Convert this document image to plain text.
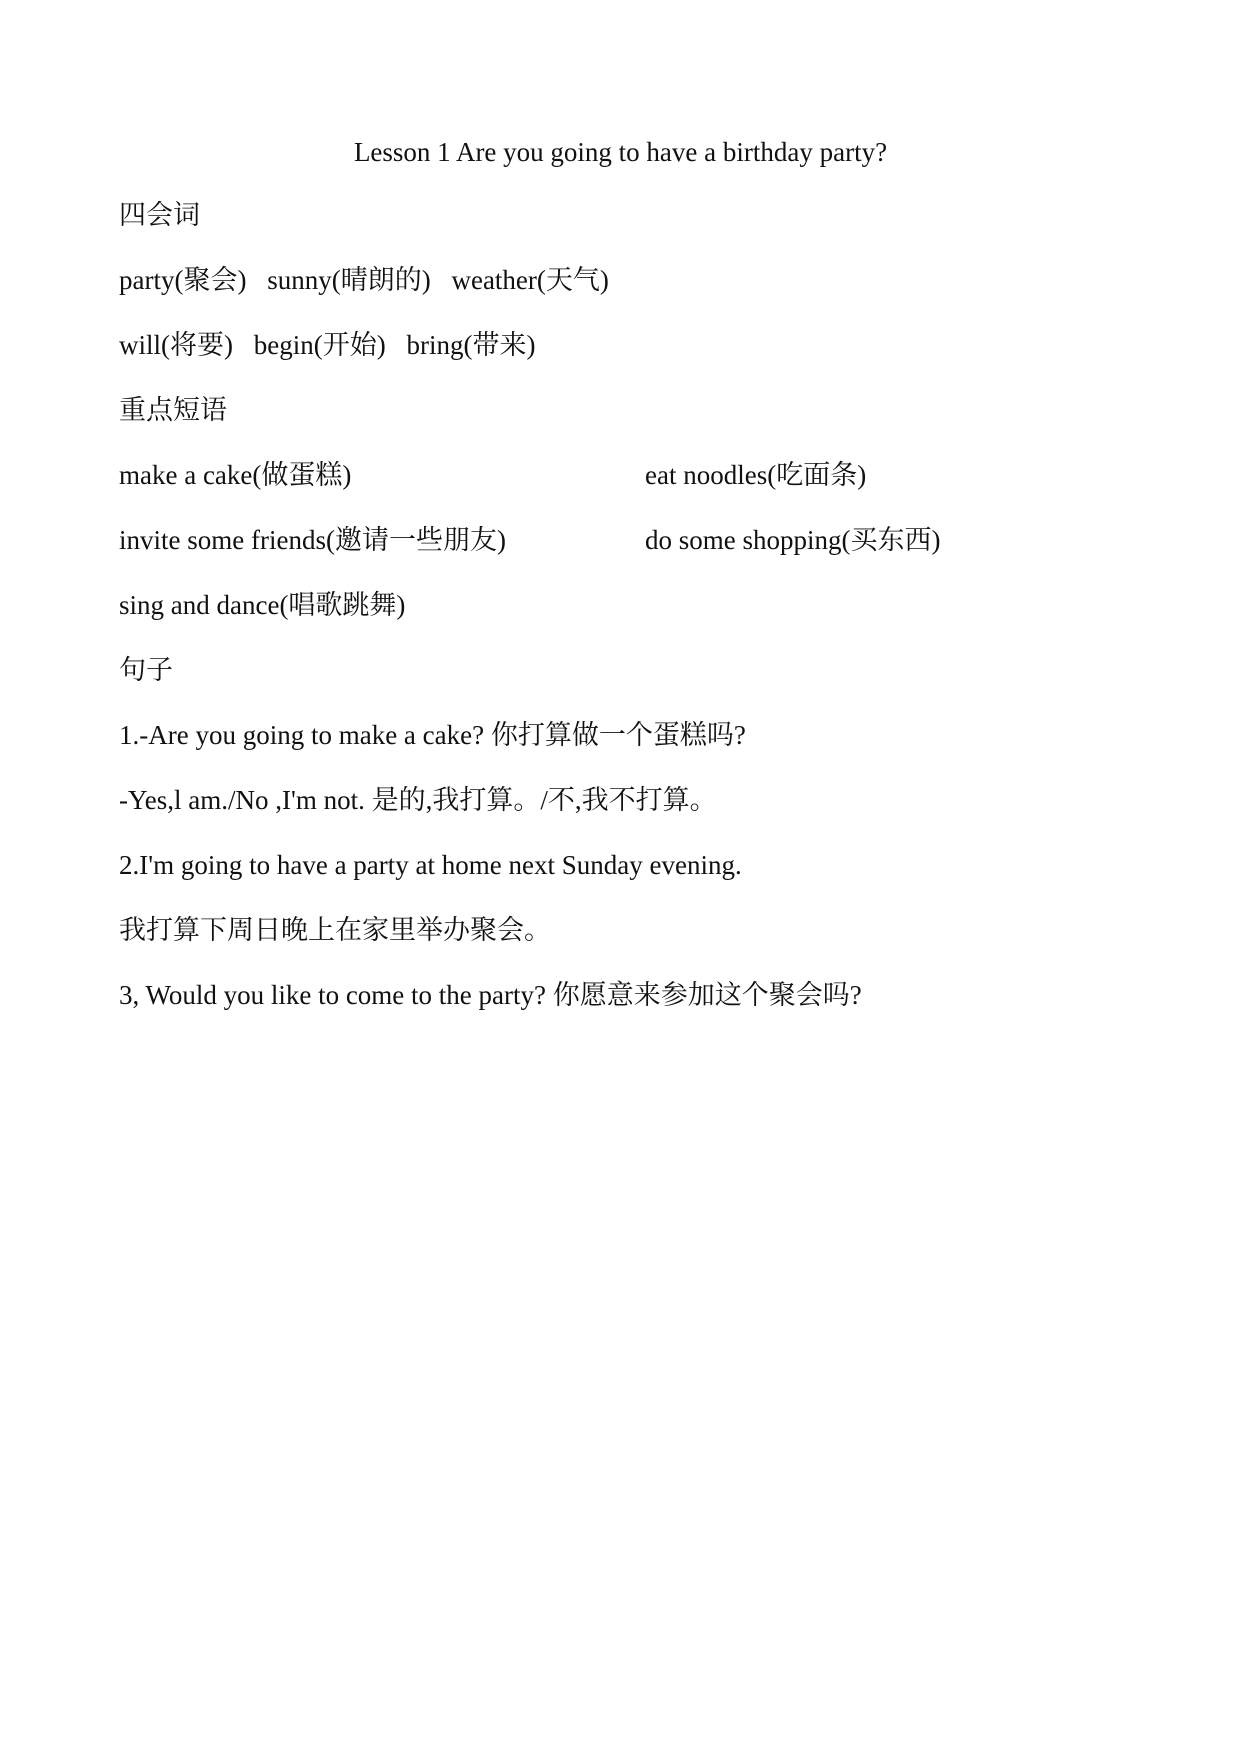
Lesson 1 Are you going to have a birthday party?
四会词
party(聚会) sunny(晴朗的) weather(天气)
will(将要) begin(开始) bring(带来)
重点短语
make a cake(做蛋糕)	eat noodles(吃面条)
invite some friends(邀请一些朋友)	do some shopping(买东西)
sing and dance(唱歌跳舞)
句子
1.-Are you going to make a cake? 你打算做一个蛋糕吗?
-Yes,l am./No ,I'm not. 是的,我打算。/不,我不打算。
2.I'm going to have a party at home next Sunday evening.
我打算下周日晚上在家里举办聚会。
3, Would you like to come to the party? 你愿意来参加这个聚会吗?
